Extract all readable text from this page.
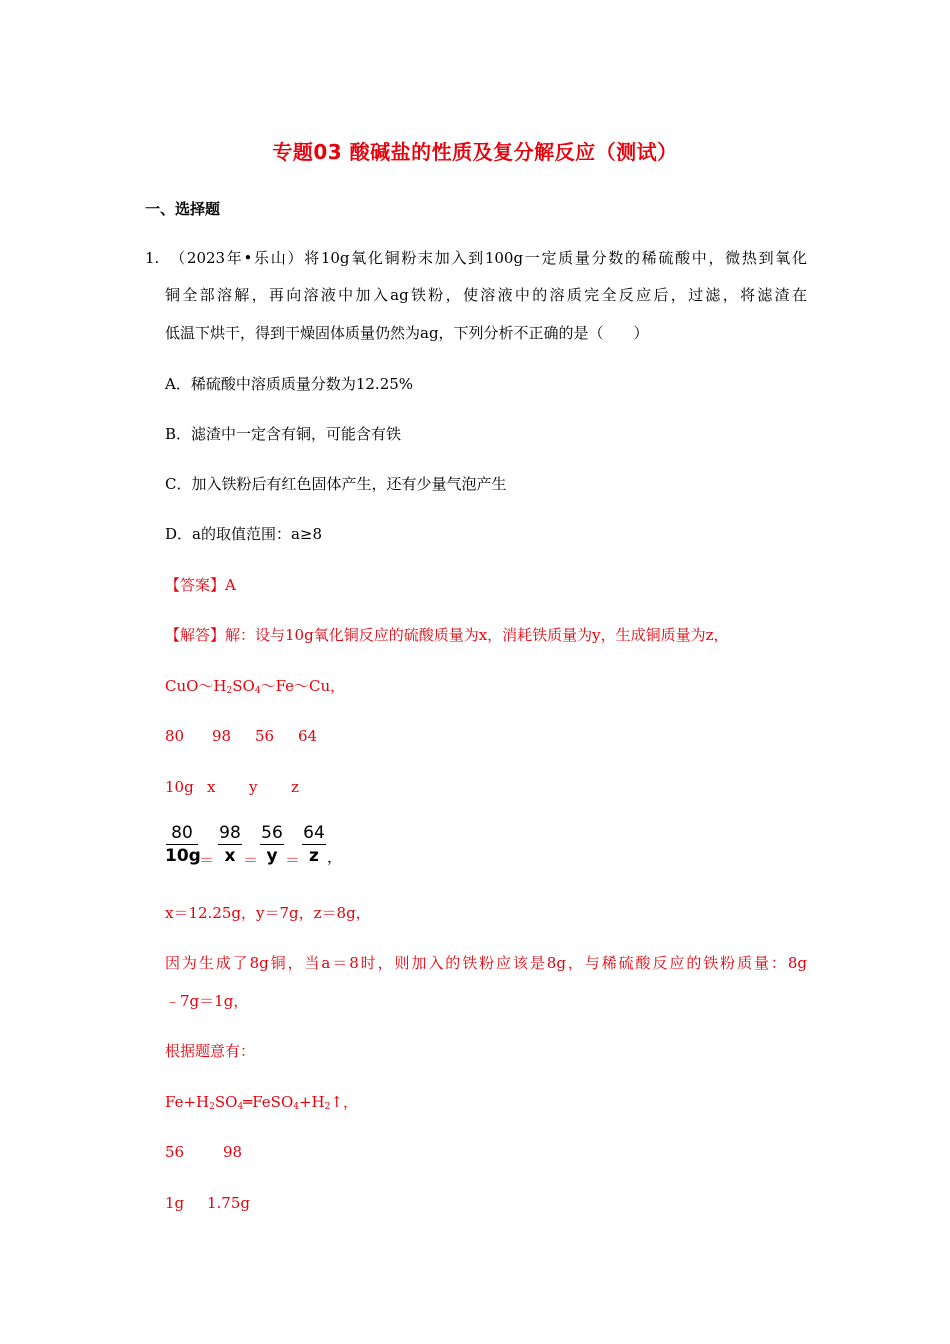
专题03 酸碱盐的性质及复分解反应（测试）
一、选择题
1.　（2023年•乐山）将10g氧化铜粉末加入到100g一定质量分数的稀硫酸中，微热到氧化
铜全部溶解，再向溶液中加入ag铁粉，使溶液中的溶质完全反应后，过滤，将滤渣在
低温下烘干，得到干燥固体质量仍然为ag，下列分析不正确的是（　　）
A．稀硫酸中溶质质量分数为12.25%
B．滤渣中一定含有铜，可能含有铁
C．加入铁粉后有红色固体产生，还有少量气泡产生
D．a的取值范围：a≥8
【答案】A
【解答】解：设与10g氧化铜反应的硫酸质量为x，消耗铁质量为y，生成铜质量为z，
$CuO\sim H_2SO_4\sim Fe\sim Cu$，
80 98 56 64
10g x y z
80
10g
＝
98
x ＝
56
y ＝
64
z ，
x＝12.25g，y＝7g，z＝8g，
因为生成了8g铜，当a＝8时，则加入的铁粉应该是8g，与稀硫酸反应的铁粉质量：8g
﹣7g＝1g，
根据题意有：
$Fe+H_2SO_4═FeSO_4+H_2↑$，
56	98
1g 1.75g
